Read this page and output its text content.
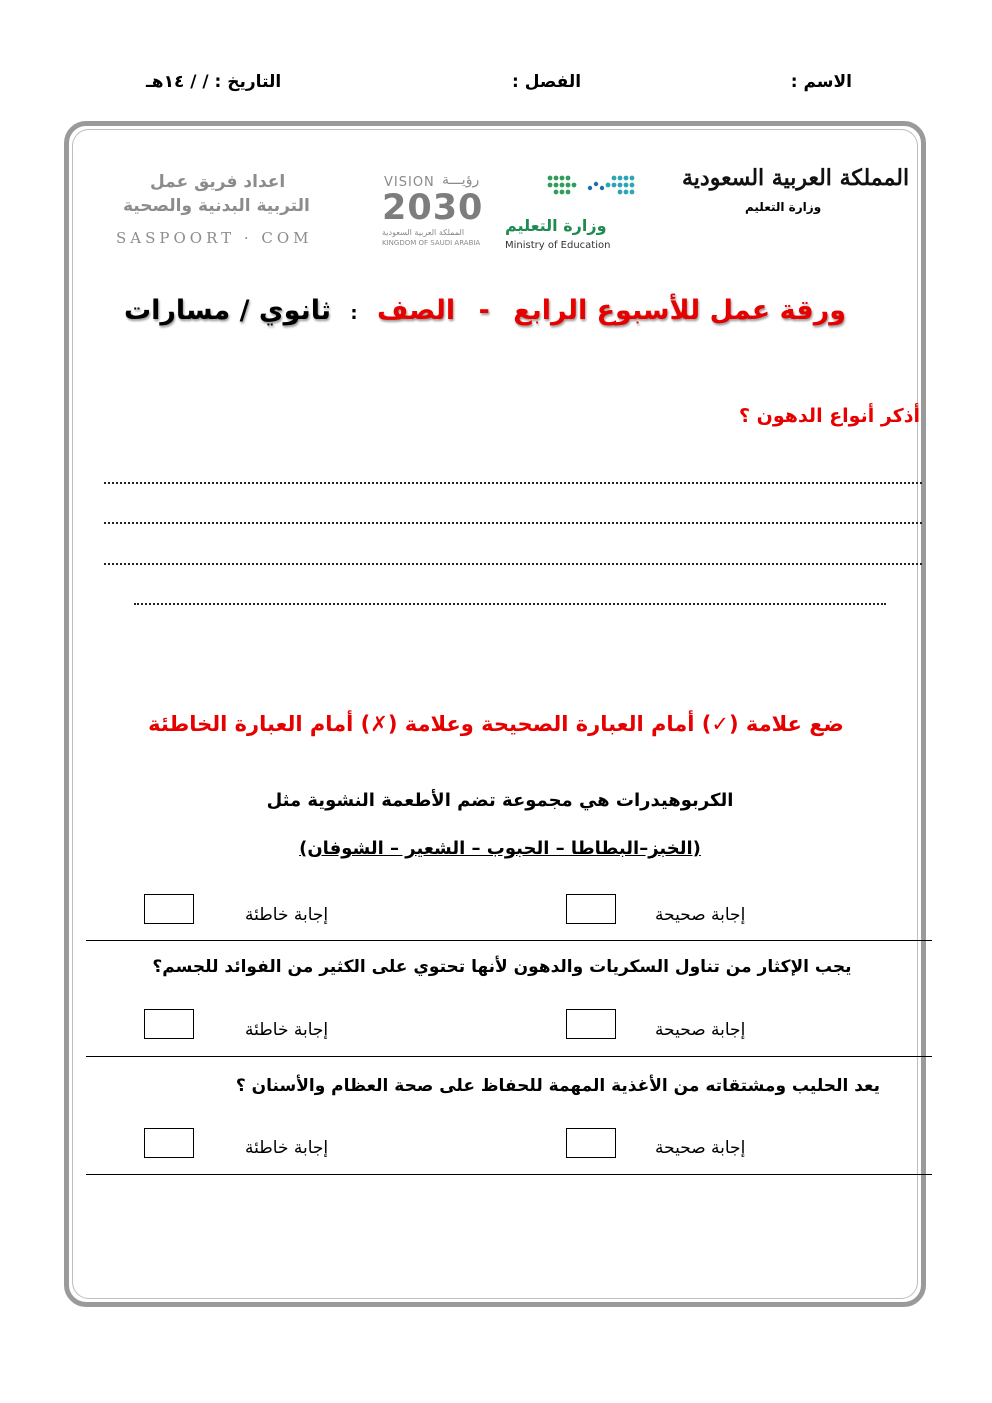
الاسم :
الفصل :
التاريخ : / / ١٤هـ
المملكة العربية السعودية
وزارة التعليم
وزارة التعليم
Ministry of Education
VISION رؤيـــة
2030
المملكة العربية السعودية
KINGDOM OF SAUDI ARABIA
اعداد فريق عمل
التربية البدنية والصحية
SASPOORT · COM
ورقة عمل للأسبوع الرابع - الصف : ثانوي / مسارات
أذكر أنواع الدهون ؟
ضع علامة (✓) أمام العبارة الصحيحة وعلامة (✗) أمام العبارة الخاطئة
الكربوهيدرات هي مجموعة تضم الأطعمة النشوية مثل
(الخبز–البطاطا – الحبوب – الشعير – الشوفان)
إجابة صحيحة
إجابة خاطئة
يجب الإكثار من تناول السكريات والدهون لأنها تحتوي على الكثير من الفوائد للجسم؟
إجابة صحيحة
إجابة خاطئة
يعد الحليب ومشتقاته من الأغذية المهمة للحفاظ على صحة العظام والأسنان ؟
إجابة صحيحة
إجابة خاطئة
